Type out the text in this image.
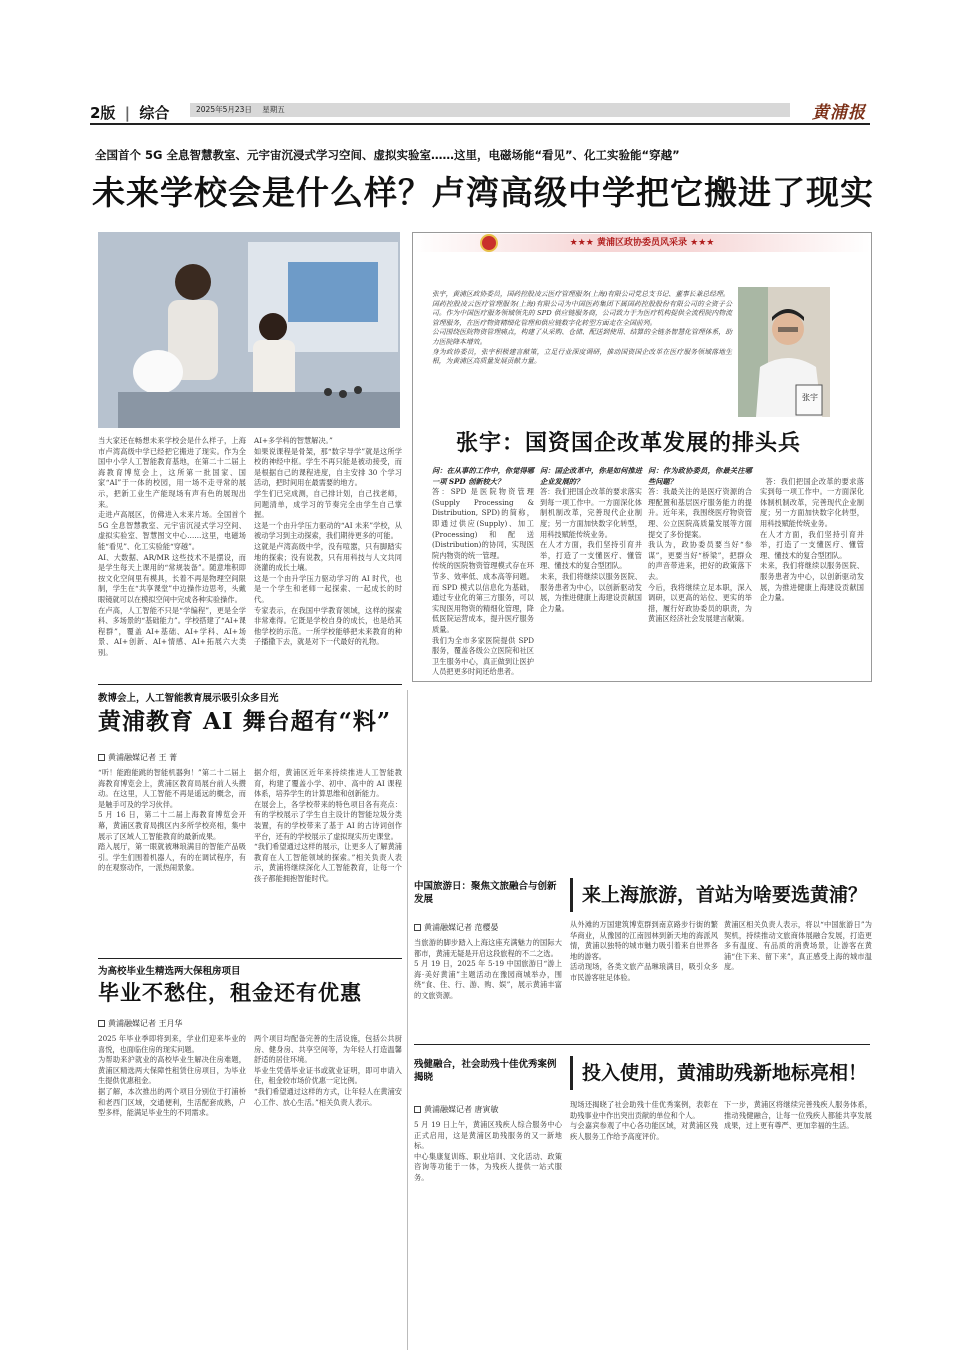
2版 | 综合	2025年5月23日 星期五	黄浦报
全国首个 5G 全息智慧教室、元宇宙沉浸式学习空间、虚拟实验室……这里，电磁场能“看见”、化工实验能“穿越”
未来学校会是什么样？卢湾高级中学把它搬进了现实
当大家还在畅想未来学校会是什么样子，上海市卢湾高级中学已经把它搬进了现实。作为全国中小学人工智能教育基地，在第二十二届上海教育博览会上，这所第一批国家、国家“AI”于一体的校园，用一场不走寻常的展示，把新工业生产能现场有声有色的展现出来。
走进卢高展区，仿佛进入未来片场。全国首个 5G 全息智慧教室、元宇宙沉浸式学习空间、虚拟实验室、智慧图文中心……这里，电磁场能“看见”、化工实验能“穿越”。
AI、大数据、AR/MR 这些技术不是摆设，而是学生每天上课用的“常规装备”。随意堆积即按文化空间里有模具，长着不再是物理空间限制，学生在“共享课堂”中边操作边思考，头戴眼镜就可以在模拟空间中完成各种实验操作。
在卢高，人工智能不只是“学编程”，更是全学科、多场景的“基础能力”。学校搭建了“AI+课程群”，覆盖 AI+基础、AI+学科、AI+场景、AI+创新、AI+情感、AI+拓展六大类别。
AI+多学科的智慧解决。”
如果说课程是骨架，那“数字导学”就是这所学校的神经中枢。学生不再只能是被动接受，而是根据自己的课程进度，自主安排 30 个学习活动，把时间用在最需要的地方。
学生们已完成测，自己排计划，自己找老师，问题清单，成学习的节奏完全由学生自己掌握。
这是一个由升学压力驱动的“AI 未来”学校，从被动学习到主动探索，我们期待更多的可能。
这就是卢湾高级中学，没有喧嚣，只有脚踏实地的探索；没有说教，只有用科技与人文共同浇灌的成长土壤。
这是一个由升学压力驱动学习的 AI 时代，也是一个学生和老师一起探索、一起成长的时代。
专家表示，在我国中学教育领域，这样的探索非常难得。它既是学校自身的成长，也是给其他学校的示范。一所学校能够把未来教育的种子播撒下去，就是对下一代最好的礼物。
★★★ 黄浦区政协委员风采录 ★★★
张宇，黄浦区政协委员，国药控股凌云医疗管理服务(上海)有限公司党总支书记、董事长兼总经理。
国药控股凌云医疗管理服务(上海)有限公司为中国医药集团下属国药控股股份有限公司的全资子公司。作为中国医疗服务领域领先的 SPD 供应链服务商，公司致力于为医疗机构提供全流程院内物流管理服务，在医疗物资精细化管理和供应链数字化转型方面走在全国前列。
公司围绕医院物资管理痛点，构建了从采购、仓储、配送到使用、结算的全链条智慧化管理体系，助力医院降本增效。
身为政协委员，张宇积极建言献策，立足行业深度调研，推动国资国企改革在医疗服务领域落地生根，为黄浦区高质量发展贡献力量。
张宇
张宇：国资国企改革发展的排头兵
问：在从事的工作中，你觉得哪一项 SPD 创新较大？
答：SPD 是医院物资管理(Supply Processing & Distribution, SPD)的简称，即通过供应(Supply)、加工(Processing)和配送(Distribution)的协同，实现医院内物资的统一管理。
传统的医院物资管理模式存在环节多、效率低、成本高等问题。而 SPD 模式以信息化为基础，通过专业化的第三方服务，可以实现医用物资的精细化管理，降低医院运营成本，提升医疗服务质量。
我们为全市多家医院提供 SPD 服务，覆盖各级公立医院和社区卫生服务中心，真正做到让医护人员把更多时间还给患者。
问：国企改革中，你是如何推进企业发展的？
答：我们把国企改革的要求落实到每一项工作中。一方面深化体制机制改革，完善现代企业制度；另一方面加快数字化转型，用科技赋能传统业务。
在人才方面，我们坚持引育并举，打造了一支懂医疗、懂管理、懂技术的复合型团队。
未来，我们将继续以服务医院、服务患者为中心，以创新驱动发展，为推进健康上海建设贡献国企力量。
问：作为政协委员，你最关注哪些问题？
答：我最关注的是医疗资源的合理配置和基层医疗服务能力的提升。近年来，我围绕医疗物资管理、公立医院高质量发展等方面提交了多份提案。
我认为，政协委员要当好“参谋”，更要当好“桥梁”，把群众的声音带进来，把好的政策落下去。
今后，我将继续立足本职，深入调研，以更高的站位、更实的举措，履行好政协委员的职责，为黄浦区经济社会发展建言献策。

答：我们把国企改革的要求落实到每一项工作中。一方面深化体制机制改革，完善现代企业制度；另一方面加快数字化转型，用科技赋能传统业务。
在人才方面，我们坚持引育并举，打造了一支懂医疗、懂管理、懂技术的复合型团队。
未来，我们将继续以服务医院、服务患者为中心，以创新驱动发展，为推进健康上海建设贡献国企力量。

教博会上，人工智能教育展示吸引众多目光
黄浦教育 AI 舞台超有“料”
黄浦融媒记者 王 菁
“听！能跑能跳的智能机器狗！”第二十二届上海教育博览会上，黄浦区教育局展台前人头攒动。在这里，人工智能不再是遥远的概念，而是触手可及的学习伙伴。
5 月 16 日，第二十二届上海教育博览会开幕，黄浦区教育局携区内多所学校亮相，集中展示了区域人工智能教育的最新成果。
踏入展厅，第一眼就被琳琅满目的智能产品吸引。学生们围着机器人，有的在调试程序，有的在观察动作，一派热闹景象。
据介绍，黄浦区近年来持续推进人工智能教育，构建了覆盖小学、初中、高中的 AI 课程体系，培养学生的计算思维和创新能力。
在展会上，各学校带来的特色项目各有亮点：有的学校展示了学生自主设计的智能垃圾分类装置，有的学校带来了基于 AI 的古诗词创作平台，还有的学校展示了虚拟现实历史课堂。
“我们希望通过这样的展示，让更多人了解黄浦教育在人工智能领域的探索。”相关负责人表示，黄浦将继续深化人工智能教育，让每一个孩子都能拥抱智能时代。
中国旅游日：聚焦文旅融合与创新发展	来上海旅游，首站为啥要选黄浦？
黄浦融媒记者 范樱晏
当旅游的脚步踏入上海这座充满魅力的国际大都市，黄浦无疑是开启这段旅程的不二之选。
5 月 19 日，2025 年 5·19 中国旅游日“游上海·美好黄浦”主题活动在豫园商城举办，围绕“食、住、行、游、购、娱”，展示黄浦丰富的文旅资源。
从外滩的万国建筑博览群到南京路步行街的繁华商业，从豫园的江南园林到新天地的海派风情，黄浦以独特的城市魅力吸引着来自世界各地的游客。
活动现场，各类文旅产品琳琅满目，吸引众多市民游客驻足体验。
黄浦区相关负责人表示，将以“中国旅游日”为契机，持续推动文旅商体展融合发展，打造更多有温度、有品质的消费场景，让游客在黄浦“住下来、留下来”，真正感受上海的城市温度。
为高校毕业生精选两大保租房项目
毕业不愁住，租金还有优惠
黄浦融媒记者 王月华
2025 年毕业季即将到来，学业们迎来毕业的喜悦，也面临住房的现实问题。
为帮助来沪就业的高校毕业生解决住房难题，黄浦区精选两大保障性租赁住房项目，为毕业生提供优惠租金。
据了解，本次推出的两个项目分别位于打浦桥和老西门区域，交通便利，生活配套成熟，户型多样，能满足毕业生的不同需求。
两个项目均配备完善的生活设施，包括公共厨房、健身房、共享空间等，为年轻人打造温馨舒适的居住环境。
毕业生凭借毕业证书或就业证明，即可申请入住，租金较市场价优惠一定比例。
“我们希望通过这样的方式，让年轻人在黄浦安心工作、放心生活。”相关负责人表示。
残健融合，社会助残十佳优秀案例揭晓	投入使用，黄浦助残新地标亮相！
黄浦融媒记者 唐寅敏
5 月 19 日上午，黄浦区残疾人综合服务中心正式启用，这是黄浦区助残服务的又一新地标。
中心集康复训练、职业培训、文化活动、政策咨询等功能于一体，为残疾人提供一站式服务。
现场还揭晓了社会助残十佳优秀案例，表彰在助残事业中作出突出贡献的单位和个人。
与会嘉宾参观了中心各功能区域，对黄浦区残疾人服务工作给予高度评价。
下一步，黄浦区将继续完善残疾人服务体系，推动残健融合，让每一位残疾人都能共享发展成果，过上更有尊严、更加幸福的生活。
